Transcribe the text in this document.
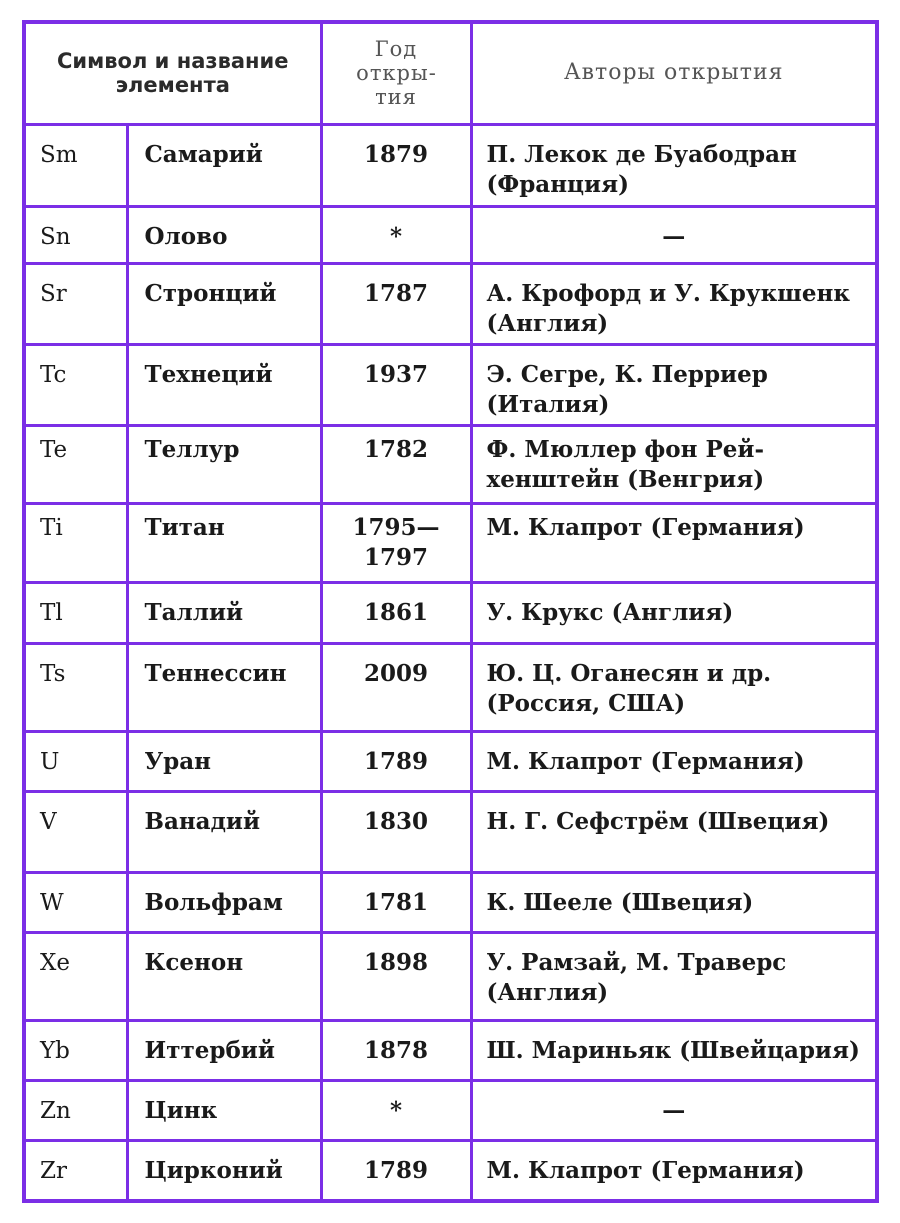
Символ и название элемента		Год открытия	Авторы открытия
Sm	Самарий	1879	П. Лекок де Буабодран (Франция)
Sn	Олово	*	—

Sr	Стронций	1787	А. Крофорд и У. Крукшенк (Англия)
Tc	Технеций	1937	Э. Сегре, К. Перриер (Италия)
Te	Теллур	1782	Ф. Мюллер фон Рейхенштейн (Венгрия)
Ti	Титан	1795—1797	М. Клапрот (Германия)
Tl	Таллий	1861	У. Крукс (Англия)
Ts	Теннессин	2009	Ю. Ц. Оганесян и др. (Россия, США)
U	Уран	1789	М. Клапрот (Германия)
V	Ванадий	1830	Н. Г. Сефстрём (Швеция)
W	Вольфрам	1781	К. Шееле (Швеция)
Xe	Ксенон	1898	У. Рамзай, М. Траверс (Англия)
Yb	Иттербий	1878	Ш. Мариньяк (Швейцария)
Zn	Цинк	*	—

Zr	Цирконий	1789	М. Клапрот (Германия)
